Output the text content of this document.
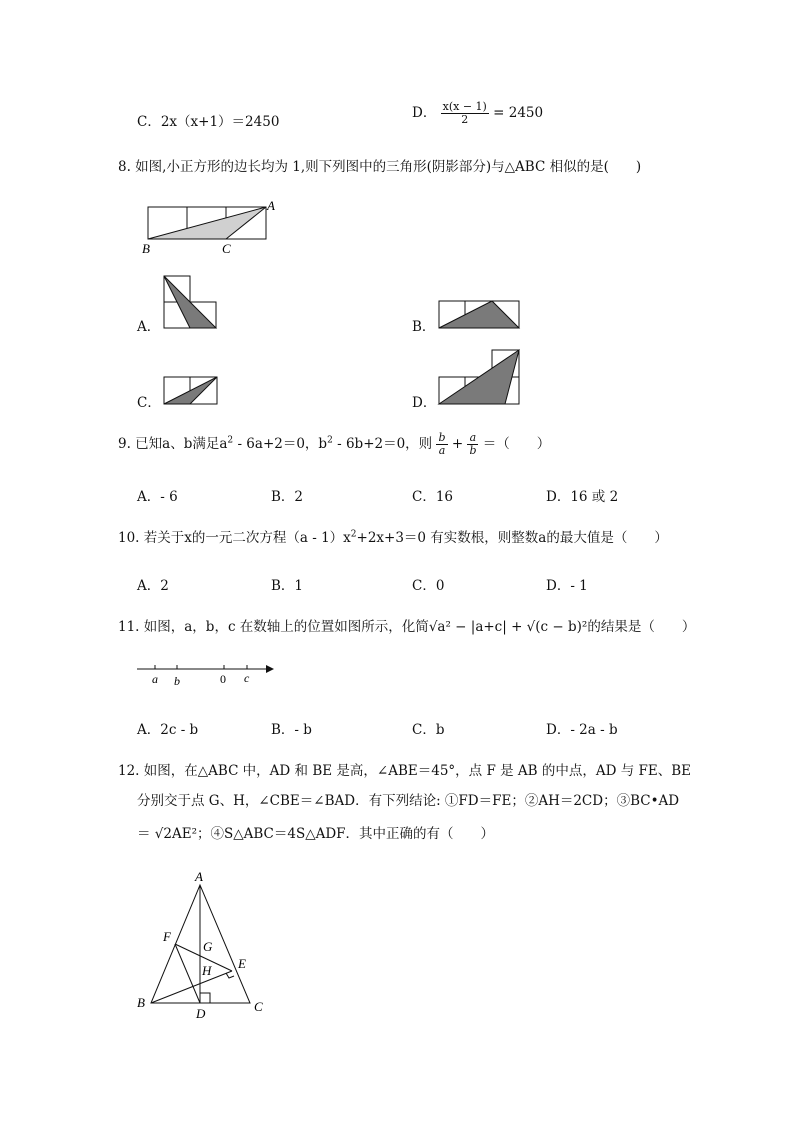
C．2x（x+1）＝2450
D． $\frac{x(x - 1)}{2} = 2450$
8. 如图,小正方形的边长均为 1,则下列图中的三角形(阴影部分)与△ABC 相似的是(　　)
A
B	C
A．	B．
C．	D．
9. 已知a、b满足$a^2 - 6a+2=0$，$b^2 - 6b+2=0$，则 $\frac{b}{a} + \frac{a}{b}$ ＝（　　）
A．- 6	B．2	C．16	D．16 或 2
10. 若关于x的一元二次方程$(a - 1)x^2+2x+3=0$ 有实数根，则整数a的最大值是（　　）
A．2	B．1	C．0	D．- 1
11. 如图，a，b，c 在数轴上的位置如图所示，化简√a² − |a+c| + √(c − b)²的结果是（　　）
a b	0 c
A．2c - b	B．- b	C．b	D．- 2a - b
12. 如图，在△ABC 中，AD 和 BE 是高，∠ABE＝45°，点 F 是 AB 的中点，AD 与 FE、BE
分别交于点 G、H，∠CBE＝∠BAD．有下列结论: ①FD＝FE；②AH＝2CD；③BC•AD
＝ √2AE²；④S△ABC＝4S△ADF．其中正确的有（　　）
A
F
G
E
H
B
D	C
